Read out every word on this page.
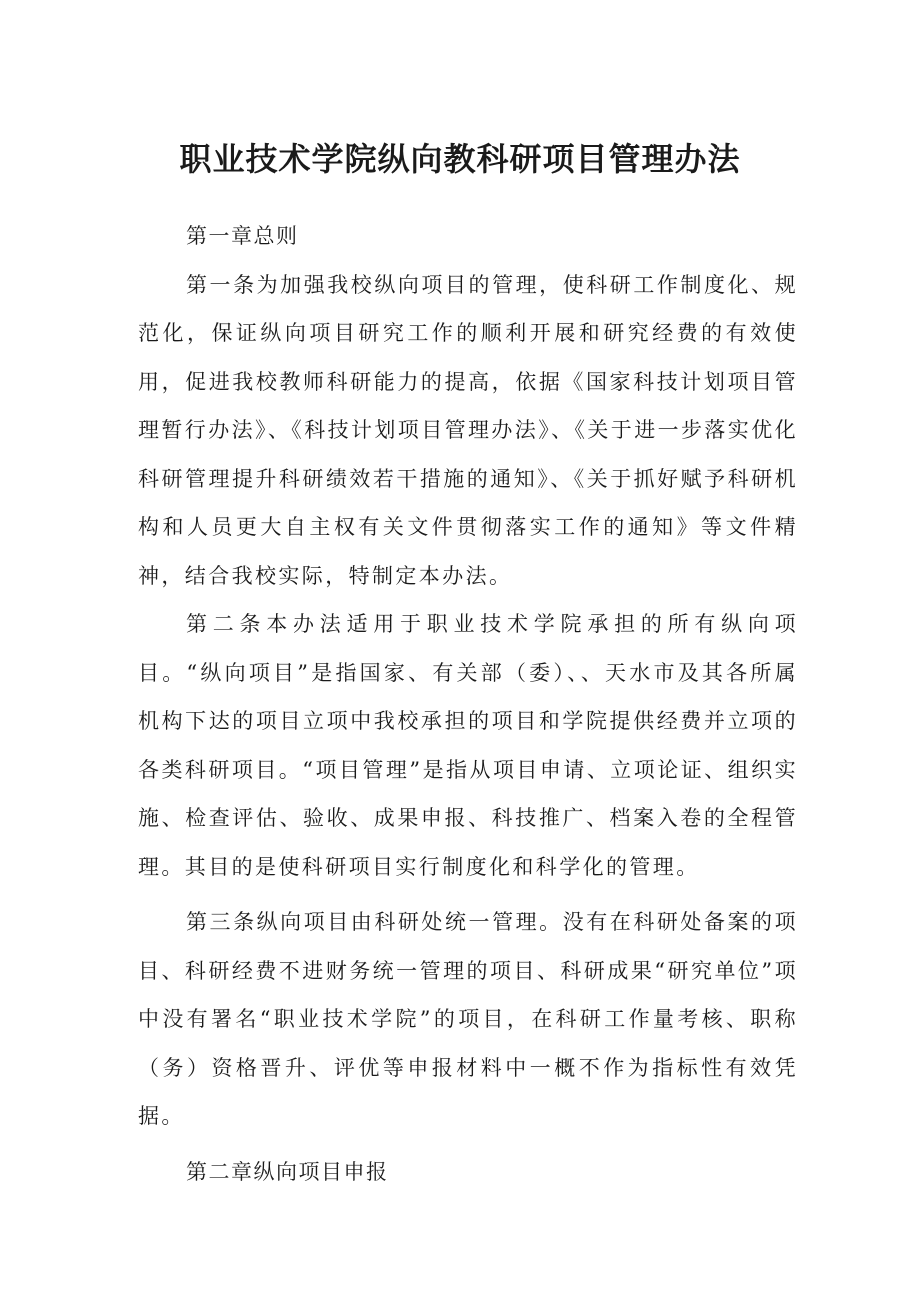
职业技术学院纵向教科研项目管理办法

第一章总则

第一条为加强我校纵向项目的管理，使科研工作制度化、规范化，保证纵向项目研究工作的顺利开展和研究经费的有效使用，促进我校教师科研能力的提高，依据《国家科技计划项目管理暂行办法》、《科技计划项目管理办法》、《关于进一步落实优化科研管理提升科研绩效若干措施的通知》、《关于抓好赋予科研机构和人员更大自主权有关文件贯彻落实工作的通知》等文件精神，结合我校实际，特制定本办法。

第二条本办法适用于职业技术学院承担的所有纵向项目。“纵向项目”是指国家、有关部（委）、、天水市及其各所属机构下达的项目立项中我校承担的项目和学院提供经费并立项的各类科研项目。“项目管理”是指从项目申请、立项论证、组织实施、检查评估、验收、成果申报、科技推广、档案入卷的全程管理。其目的是使科研项目实行制度化和科学化的管理。

第三条纵向项目由科研处统一管理。没有在科研处备案的项目、科研经费不进财务统一管理的项目、科研成果“研究单位”项中没有署名“职业技术学院”的项目，在科研工作量考核、职称（务）资格晋升、评优等申报材料中一概不作为指标性有效凭据。

第二章纵向项目申报
